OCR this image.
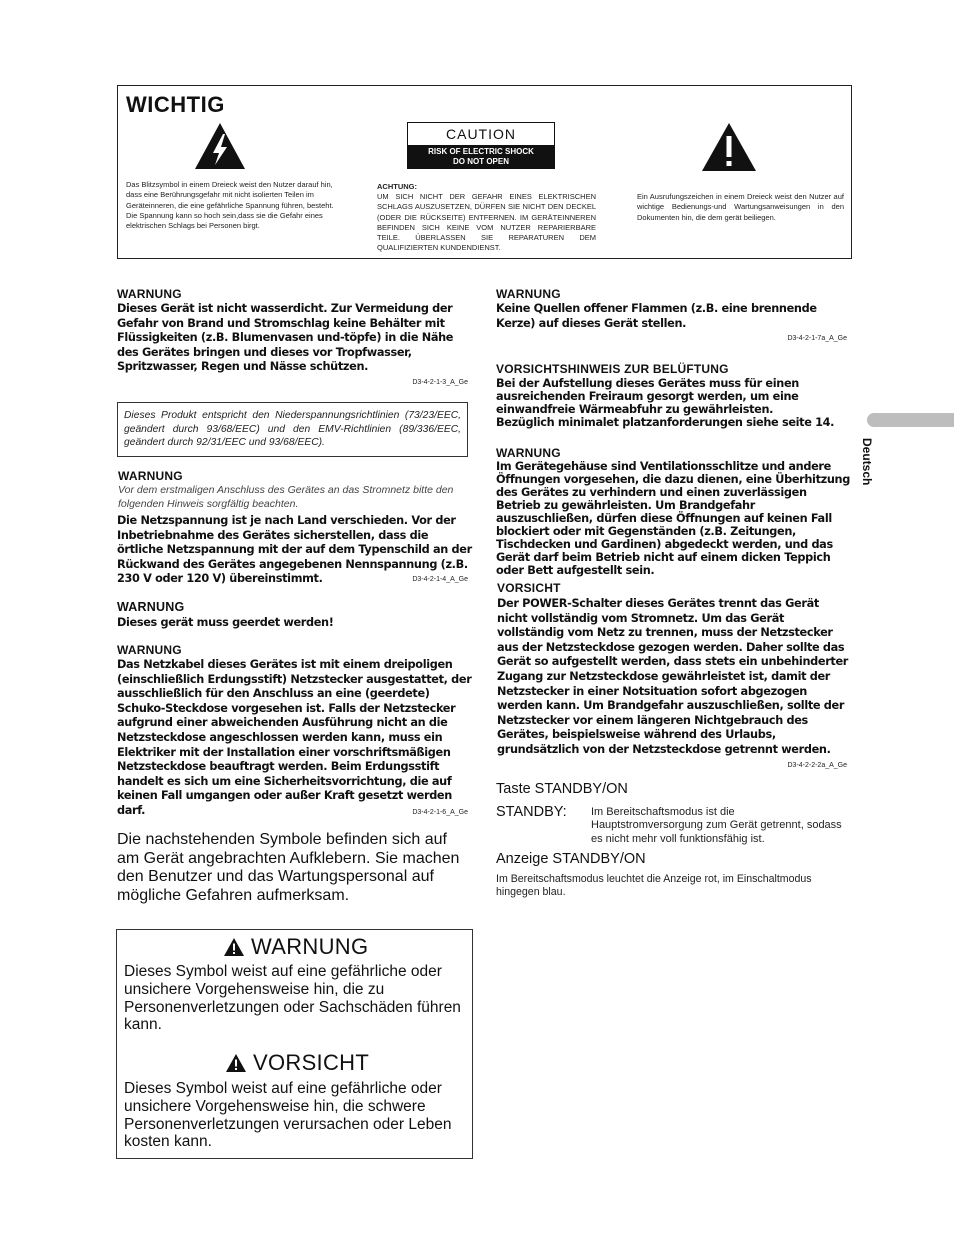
WICHTIG
CAUTION
RISK OF ELECTRIC SHOCK
DO NOT OPEN
Das Blitzsymbol in einem Dreieck weist den Nutzer darauf hin, dass eine Berührungsgefahr mit nicht isolierten Teilen im Geräteinneren, die eine gefährliche Spannung führen, besteht. Die Spannung kann so hoch sein,dass sie die Gefahr eines elektrischen Schlags bei Personen birgt.
ACHTUNG:
UM SICH NICHT DER GEFAHR EINES ELEKTRISCHEN SCHLAGS AUSZUSETZEN, DÜRFEN SIE NICHT DEN DECKEL (ODER DIE RÜCKSEITE) ENTFERNEN. IM GERÄTEINNEREN BEFINDEN SICH KEINE VOM NUTZER REPARIERBARE TEILE. ÜBERLASSEN SIE REPARATUREN DEM QUALIFIZIERTEN KUNDENDIENST.
Ein Ausrufungszeichen in einem Dreieck weist den Nutzer auf wichtige Bedienungs-und Wartungsanweisungen in den Dokumenten hin, die dem gerät beiliegen.
WARNUNG
Dieses Gerät ist nicht wasserdicht. Zur Vermeidung der Gefahr von Brand und Stromschlag keine Behälter mit Flüssigkeiten (z.B. Blumenvasen und-töpfe) in die Nähe des Gerätes bringen und dieses vor Tropfwasser, Spritzwasser, Regen und Nässe schützen.
D3-4-2-1-3_A_Ge
Dieses Produkt entspricht den Niederspannungsrichtlinien (73/23/EEC, geändert durch 93/68/EEC) und den EMV-Richtlinien (89/336/EEC, geändert durch 92/31/EEC und 93/68/EEC).
WARNUNG
Vor dem erstmaligen Anschluss des Gerätes an das Stromnetz bitte den folgenden Hinweis sorgfältig beachten.
Die Netzspannung ist je nach Land verschieden. Vor der Inbetriebnahme des Gerätes sicherstellen, dass die örtliche Netzspannung mit der auf dem Typenschild an der Rückwand des Gerätes angegebenen Nennspannung (z.B. 230 V oder 120 V) übereinstimmt.	D3-4-2-1-4_A_Ge
WARNUNG
Dieses gerät muss geerdet werden!
WARNUNG
Das Netzkabel dieses Gerätes ist mit einem dreipoligen (einschließlich Erdungsstift) Netzstecker ausgestattet, der ausschließlich für den Anschluss an eine (geerdete) Schuko-Steckdose vorgesehen ist. Falls der Netzstecker aufgrund einer abweichenden Ausführung nicht an die Netzsteckdose angeschlossen werden kann, muss ein Elektriker mit der Installation einer vorschriftsmäßigen Netzsteckdose beauftragt werden. Beim Erdungsstift handelt es sich um eine Sicherheitsvorrichtung, die auf keinen Fall umgangen oder außer Kraft gesetzt werden darf.	D3-4-2-1-6_A_Ge
Die nachstehenden Symbole befinden sich auf am Gerät angebrachten Aufklebern. Sie machen den Benutzer und das Wartungspersonal auf mögliche Gefahren aufmerksam.
WARNUNG
Dieses Symbol weist auf eine gefährliche oder unsichere Vorgehensweise hin, die zu Personenverletzungen oder Sachschäden führen kann.
VORSICHT
Dieses Symbol weist auf eine gefährliche oder unsichere Vorgehensweise hin, die schwere Personenverletzungen verursachen oder Leben kosten kann.
WARNUNG
Keine Quellen offener Flammen (z.B. eine brennende Kerze) auf dieses Gerät stellen.
D3-4-2-1-7a_A_Ge
VORSICHTSHINWEIS ZUR BELÜFTUNG
Bei der Aufstellung dieses Gerätes muss für einen ausreichenden Freiraum gesorgt werden, um eine einwandfreie Wärmeabfuhr zu gewährleisten.
Bezüglich minimalet platzanforderungen siehe seite 14.
WARNUNG
Im Gerätegehäuse sind Ventilationsschlitze und andere Öffnungen vorgesehen, die dazu dienen, eine Überhitzung des Gerätes zu verhindern und einen zuverlässigen Betrieb zu gewährleisten. Um Brandgefahr auszuschließen, dürfen diese Öffnungen auf keinen Fall blockiert oder mit Gegenständen (z.B. Zeitungen, Tischdecken und Gardinen) abgedeckt werden, und das Gerät darf beim Betrieb nicht auf einem dicken Teppich oder Bett aufgestellt sein.
VORSICHT
Der POWER-Schalter dieses Gerätes trennt das Gerät nicht vollständig vom Stromnetz. Um das Gerät vollständig vom Netz zu trennen, muss der Netzstecker aus der Netzsteckdose gezogen werden. Daher sollte das Gerät so aufgestellt werden, dass stets ein unbehinderter Zugang zur Netzsteckdose gewährleistet ist, damit der Netzstecker in einer Notsituation sofort abgezogen werden kann. Um Brandgefahr auszuschließen, sollte der Netzstecker vor einem längeren Nichtgebrauch des Gerätes, beispielsweise während des Urlaubs, grundsätzlich von der Netzsteckdose getrennt werden.
D3-4-2-2-2a_A_Ge
Taste STANDBY/ON
STANDBY: Im Bereitschaftsmodus ist die Hauptstromversorgung zum Gerät getrennt, sodass es nicht mehr voll funktionsfähig ist.
Anzeige STANDBY/ON
Im Bereitschaftsmodus leuchtet die Anzeige rot, im Einschaltmodus hingegen blau.
Deutsch
